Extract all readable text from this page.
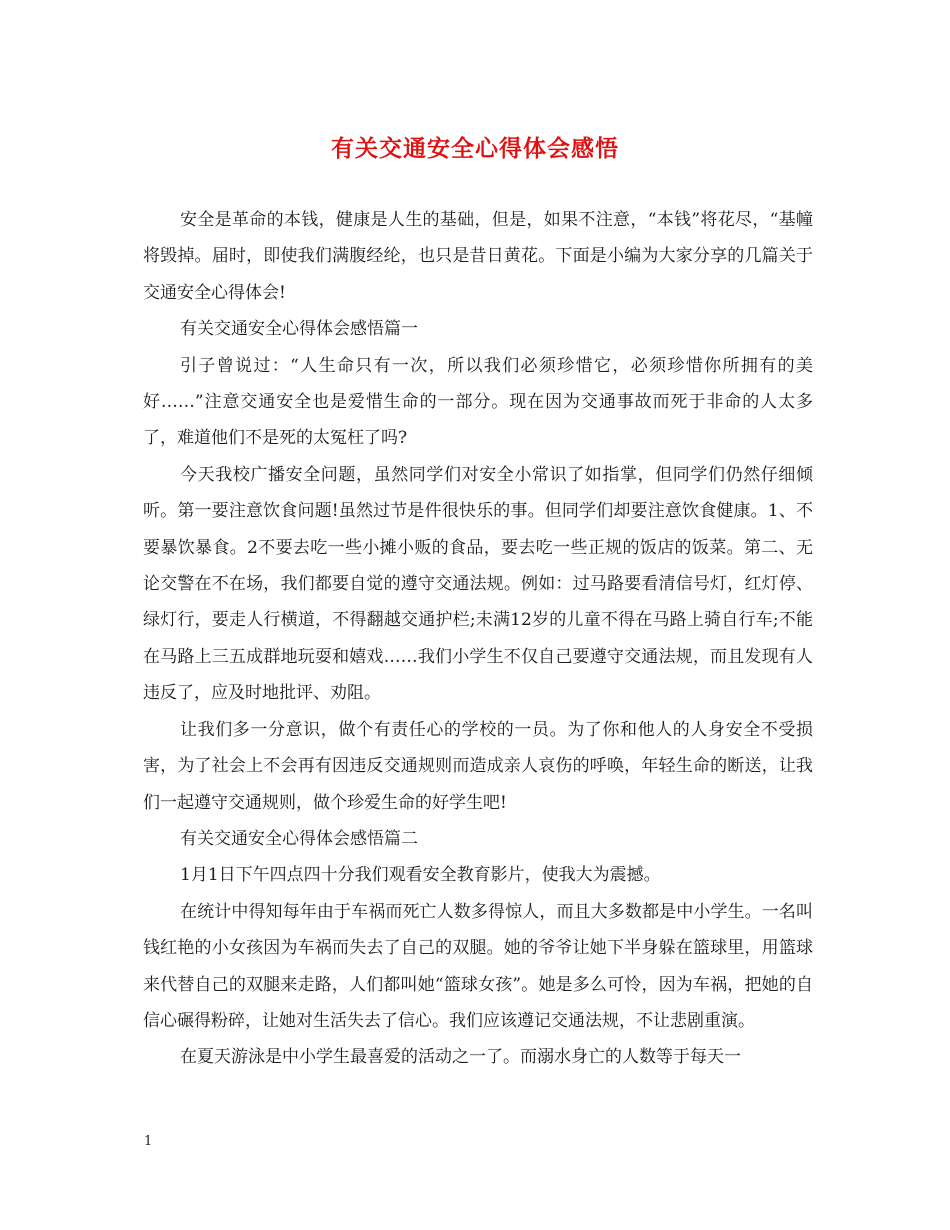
有关交通安全心得体会感悟

安全是革命的本钱，健康是人生的基础，但是，如果不注意，“本钱”将花尽，“基幢将毁掉。届时，即使我们满腹经纶，也只是昔日黄花。下面是小编为大家分享的几篇关于交通安全心得体会!

有关交通安全心得体会感悟篇一

引子曾说过：“人生命只有一次，所以我们必须珍惜它，必须珍惜你所拥有的美好……”注意交通安全也是爱惜生命的一部分。现在因为交通事故而死于非命的人太多了，难道他们不是死的太冤枉了吗?

今天我校广播安全问题，虽然同学们对安全小常识了如指掌，但同学们仍然仔细倾听。第一要注意饮食问题!虽然过节是件很快乐的事。但同学们却要注意饮食健康。1、不要暴饮暴食。2不要去吃一些小摊小贩的食品，要去吃一些正规的饭店的饭菜。第二、无论交警在不在场，我们都要自觉的遵守交通法规。例如：过马路要看清信号灯，红灯停、绿灯行，要走人行横道，不得翻越交通护栏;未满12岁的儿童不得在马路上骑自行车;不能在马路上三五成群地玩耍和嬉戏……我们小学生不仅自己要遵守交通法规，而且发现有人违反了，应及时地批评、劝阻。

让我们多一分意识，做个有责任心的学校的一员。为了你和他人的人身安全不受损害，为了社会上不会再有因违反交通规则而造成亲人哀伤的呼唤，年轻生命的断送，让我们一起遵守交通规则，做个珍爱生命的好学生吧!

有关交通安全心得体会感悟篇二

1月1日下午四点四十分我们观看安全教育影片，使我大为震撼。

在统计中得知每年由于车祸而死亡人数多得惊人，而且大多数都是中小学生。一名叫钱红艳的小女孩因为车祸而失去了自己的双腿。她的爷爷让她下半身躲在篮球里，用篮球来代替自己的双腿来走路，人们都叫她“篮球女孩”。她是多么可怜，因为车祸，把她的自信心碾得粉碎，让她对生活失去了信心。我们应该遵记交通法规，不让悲剧重演。

在夏天游泳是中小学生最喜爱的活动之一了。而溺水身亡的人数等于每天一

1
